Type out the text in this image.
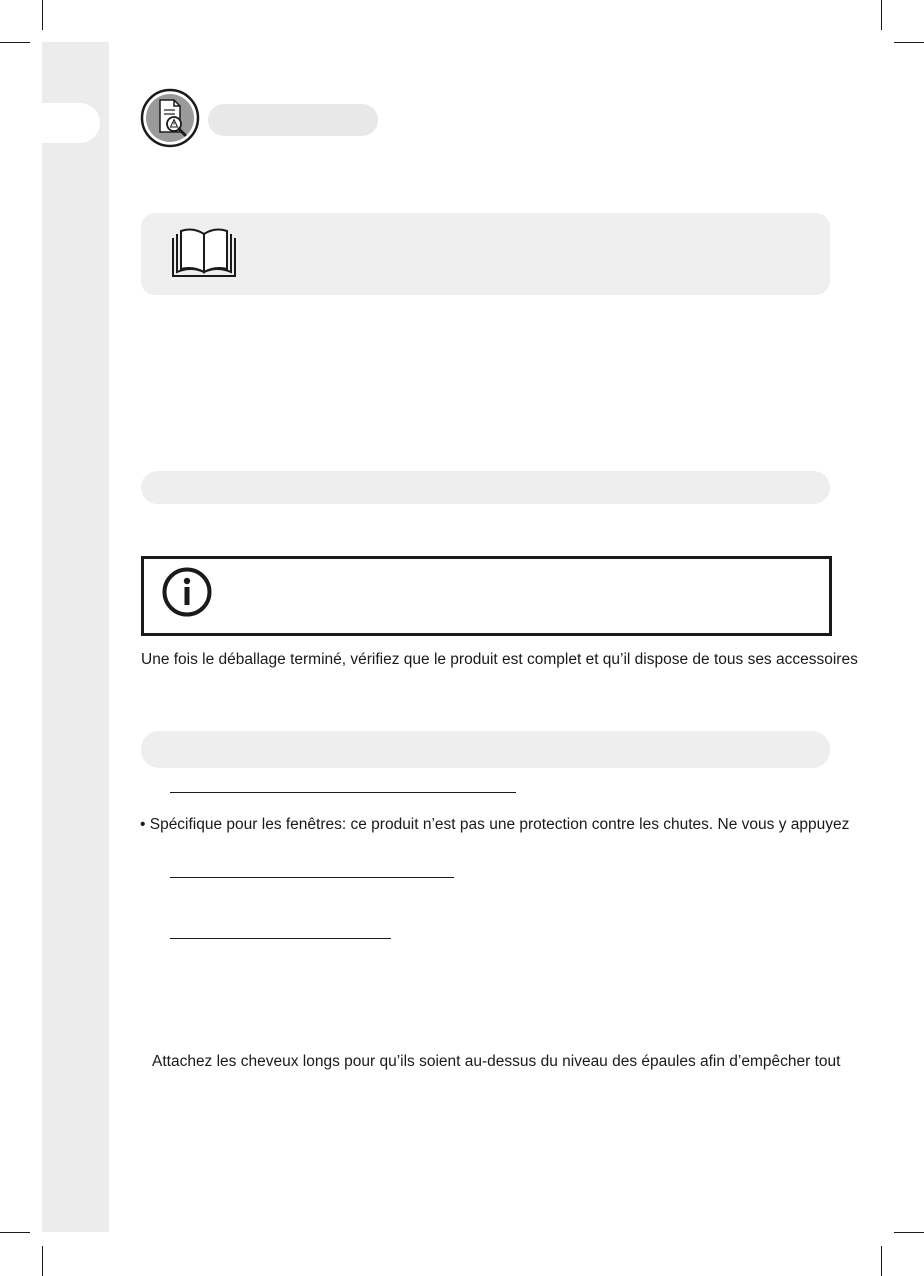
Une fois le déballage terminé, vérifiez que le produit est complet et qu’il dispose de tous ses accessoires
• Spécifique pour les fenêtres: ce produit n’est pas une protection contre les chutes. Ne vous y appuyez
Attachez les cheveux longs pour qu’ils soient au-dessus du niveau des épaules afin d’empêcher tout
